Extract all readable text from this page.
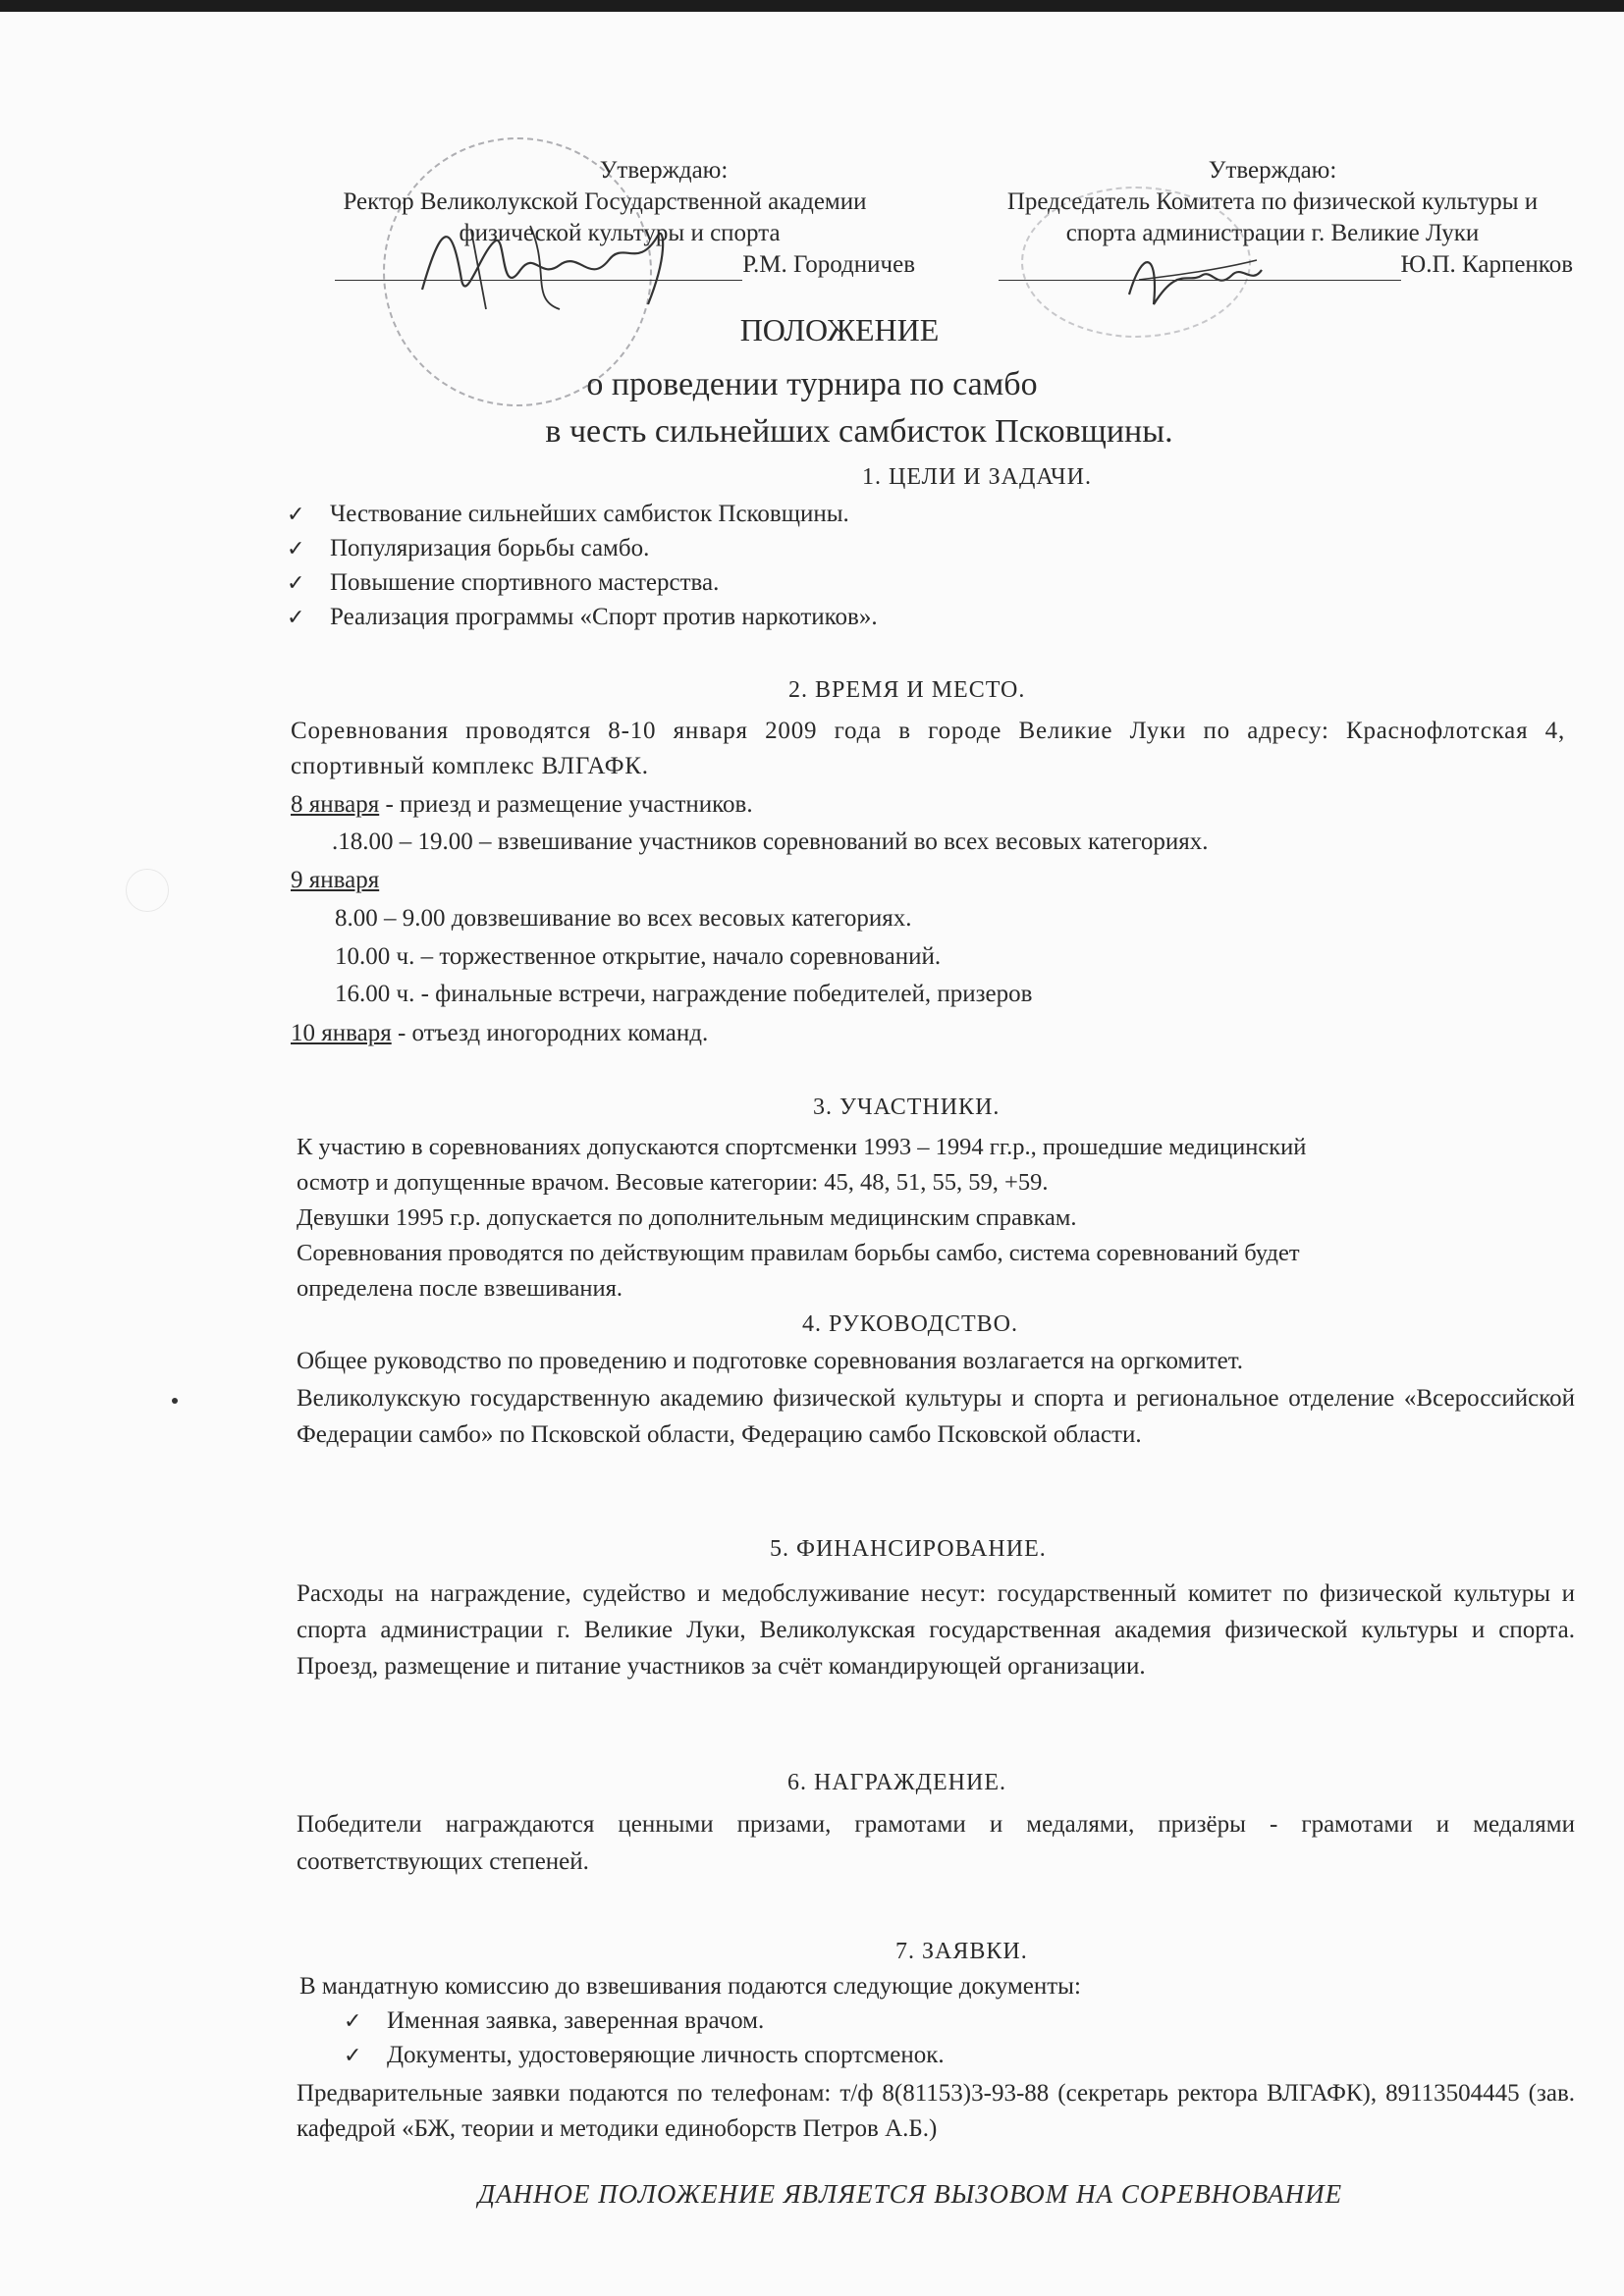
Утверждаю:
Ректор Великолукской Государственной академии
физической культуры и спорта
Р.М. Городничев
Утверждаю:
Председатель Комитета по физической культуры и
спорта администрации г. Великие Луки
Ю.П. Карпенков
ПОЛОЖЕНИЕ
о проведении турнира по самбо
в честь сильнейших самбисток Псковщины.
1. ЦЕЛИ И ЗАДАЧИ.
✓ Чествование сильнейших самбисток Псковщины.
✓ Популяризация борьбы самбо.
✓ Повышение спортивного мастерства.
✓ Реализация программы «Спорт против наркотиков».
2. ВРЕМЯ И МЕСТО.
Соревнования проводятся 8-10 января 2009 года в городе Великие Луки по адресу: Краснофлотская 4, спортивный комплекс ВЛГАФК.
8 января - приезд и размещение участников.
.18.00 – 19.00 – взвешивание участников соревнований во всех весовых категориях.
9 января
8.00 – 9.00 довзвешивание во всех весовых категориях.
10.00 ч. – торжественное открытие, начало соревнований.
16.00 ч. - финальные встречи, награждение победителей, призеров
10 января - отъезд иногородних команд.
3. УЧАСТНИКИ.
К участию в соревнованиях допускаются спортсменки 1993 – 1994 гг.р., прошедшие медицинский
осмотр и допущенные врачом. Весовые категории: 45, 48, 51, 55, 59, +59.
Девушки 1995 г.р. допускается по дополнительным медицинским справкам.
Соревнования проводятся по действующим правилам борьбы самбо, система соревнований будет
определена после взвешивания.
4. РУКОВОДСТВО.
Общее руководство по проведению и подготовке соревнования возлагается на оргкомитет.
Великолукскую государственную академию физической культуры и спорта и региональное отделение «Всероссийской Федерации самбо» по Псковской области, Федерацию самбо Псковской области.
5. ФИНАНСИРОВАНИЕ.
Расходы на награждение, судейство и медобслуживание несут: государственный комитет по физической культуры и спорта администрации г. Великие Луки, Великолукская государственная академия физической культуры и спорта. Проезд, размещение и питание участников за счёт командирующей организации.
6. НАГРАЖДЕНИЕ.
Победители награждаются ценными призами, грамотами и медалями, призёры - грамотами и медалями соответствующих степеней.
7. ЗАЯВКИ.
В мандатную комиссию до взвешивания подаются следующие документы:
✓ Именная заявка, заверенная врачом.
✓ Документы, удостоверяющие личность спортсменок.
Предварительные заявки подаются по телефонам: т/ф 8(81153)3-93-88 (секретарь ректора ВЛГАФК), 89113504445 (зав. кафедрой «БЖ, теории и методики единоборств Петров А.Б.)
ДАННОЕ ПОЛОЖЕНИЕ ЯВЛЯЕТСЯ ВЫЗОВОМ НА СОРЕВНОВАНИЕ
